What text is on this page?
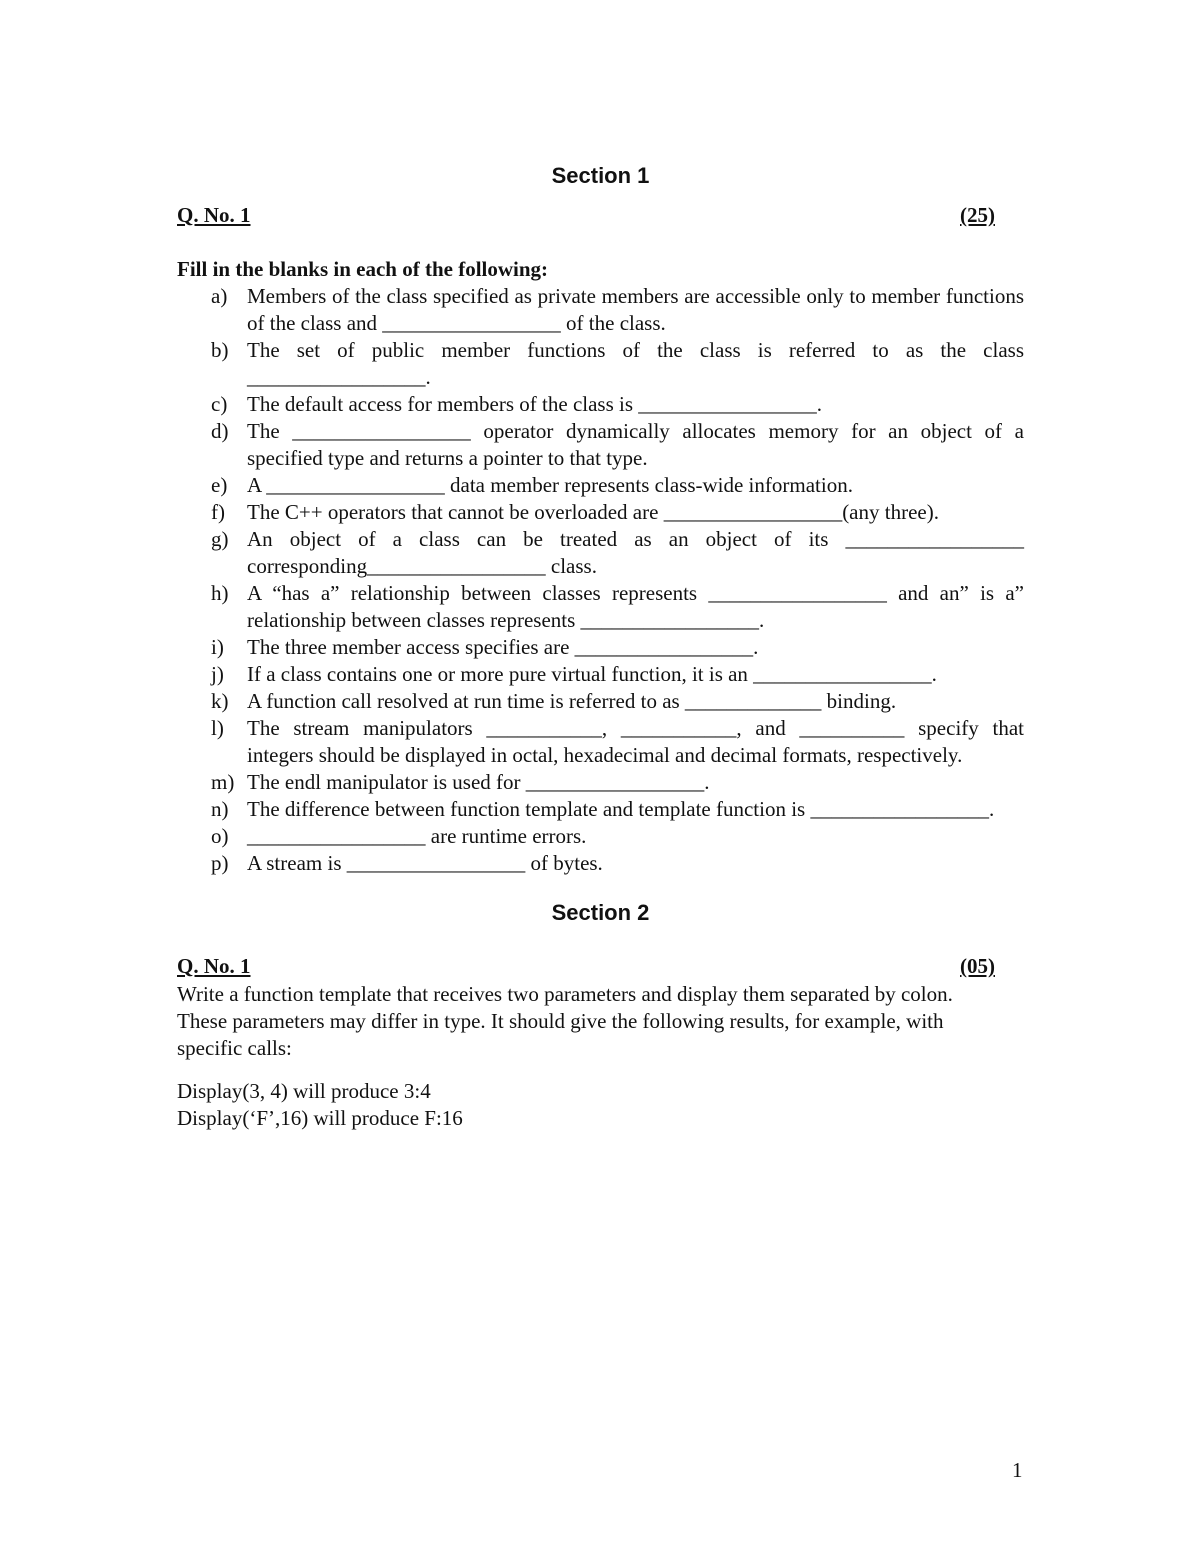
Section 1
Q. No. 1	(25)
Fill in the blanks in each of the following:
a) Members of the class specified as private members are accessible only to member functions of the class and _________________ of the class.
b) The set of public member functions of the class is referred to as the class _________________.
c) The default access for members of the class is _________________.
d) The _________________ operator dynamically allocates memory for an object of a specified type and returns a pointer to that type.
e) A _________________ data member represents class-wide information.
f) The C++ operators that cannot be overloaded are _________________(any three).
g) An object of a class can be treated as an object of its _________________ corresponding_________________ class.
h) A “has a” relationship between classes represents _________________ and an” is a” relationship between classes represents _________________.
i) The three member access specifies are _________________.
j) If a class contains one or more pure virtual function, it is an _________________.
k) A function call resolved at run time is referred to as _____________ binding.
l) The stream manipulators ___________, ___________, and __________ specify that integers should be displayed in octal, hexadecimal and decimal formats, respectively.
m) The endl manipulator is used for _________________.
n) The difference between function template and template function is _________________.
o) _________________ are runtime errors.
p) A stream is _________________ of bytes.
Section 2
Q. No. 1	(05)
Write a function template that receives two parameters and display them separated by colon. These parameters may differ in type. It should give the following results, for example, with specific calls:
Display(3, 4) will produce 3:4
Display(‘F’,16) will produce F:16
1
